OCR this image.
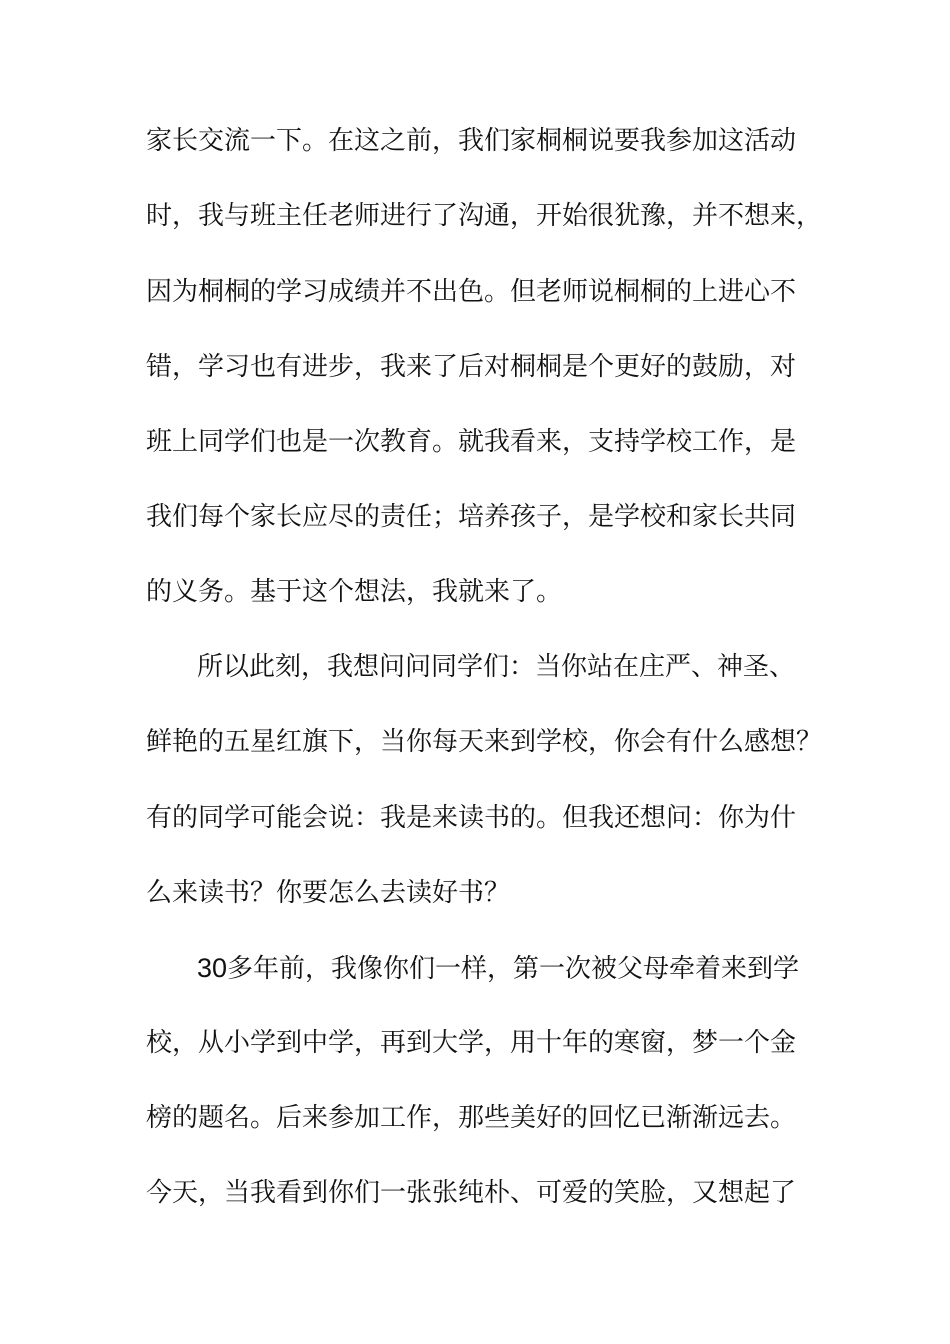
家长交流一下。在这之前，我们家桐桐说要我参加这活动
时，我与班主任老师进行了沟通，开始很犹豫，并不想来，
因为桐桐的学习成绩并不出色。但老师说桐桐的上进心不
错，学习也有进步，我来了后对桐桐是个更好的鼓励，对
班上同学们也是一次教育。就我看来，支持学校工作，是
我们每个家长应尽的责任；培养孩子，是学校和家长共同
的义务。基于这个想法，我就来了。
所以此刻，我想问问同学们：当你站在庄严、神圣、
鲜艳的五星红旗下，当你每天来到学校，你会有什么感想？
有的同学可能会说：我是来读书的。但我还想问：你为什
么来读书？你要怎么去读好书？
30多年前，我像你们一样，第一次被父母牵着来到学
校，从小学到中学，再到大学，用十年的寒窗，梦一个金
榜的题名。后来参加工作，那些美好的回忆已渐渐远去。
今天，当我看到你们一张张纯朴、可爱的笑脸，又想起了
